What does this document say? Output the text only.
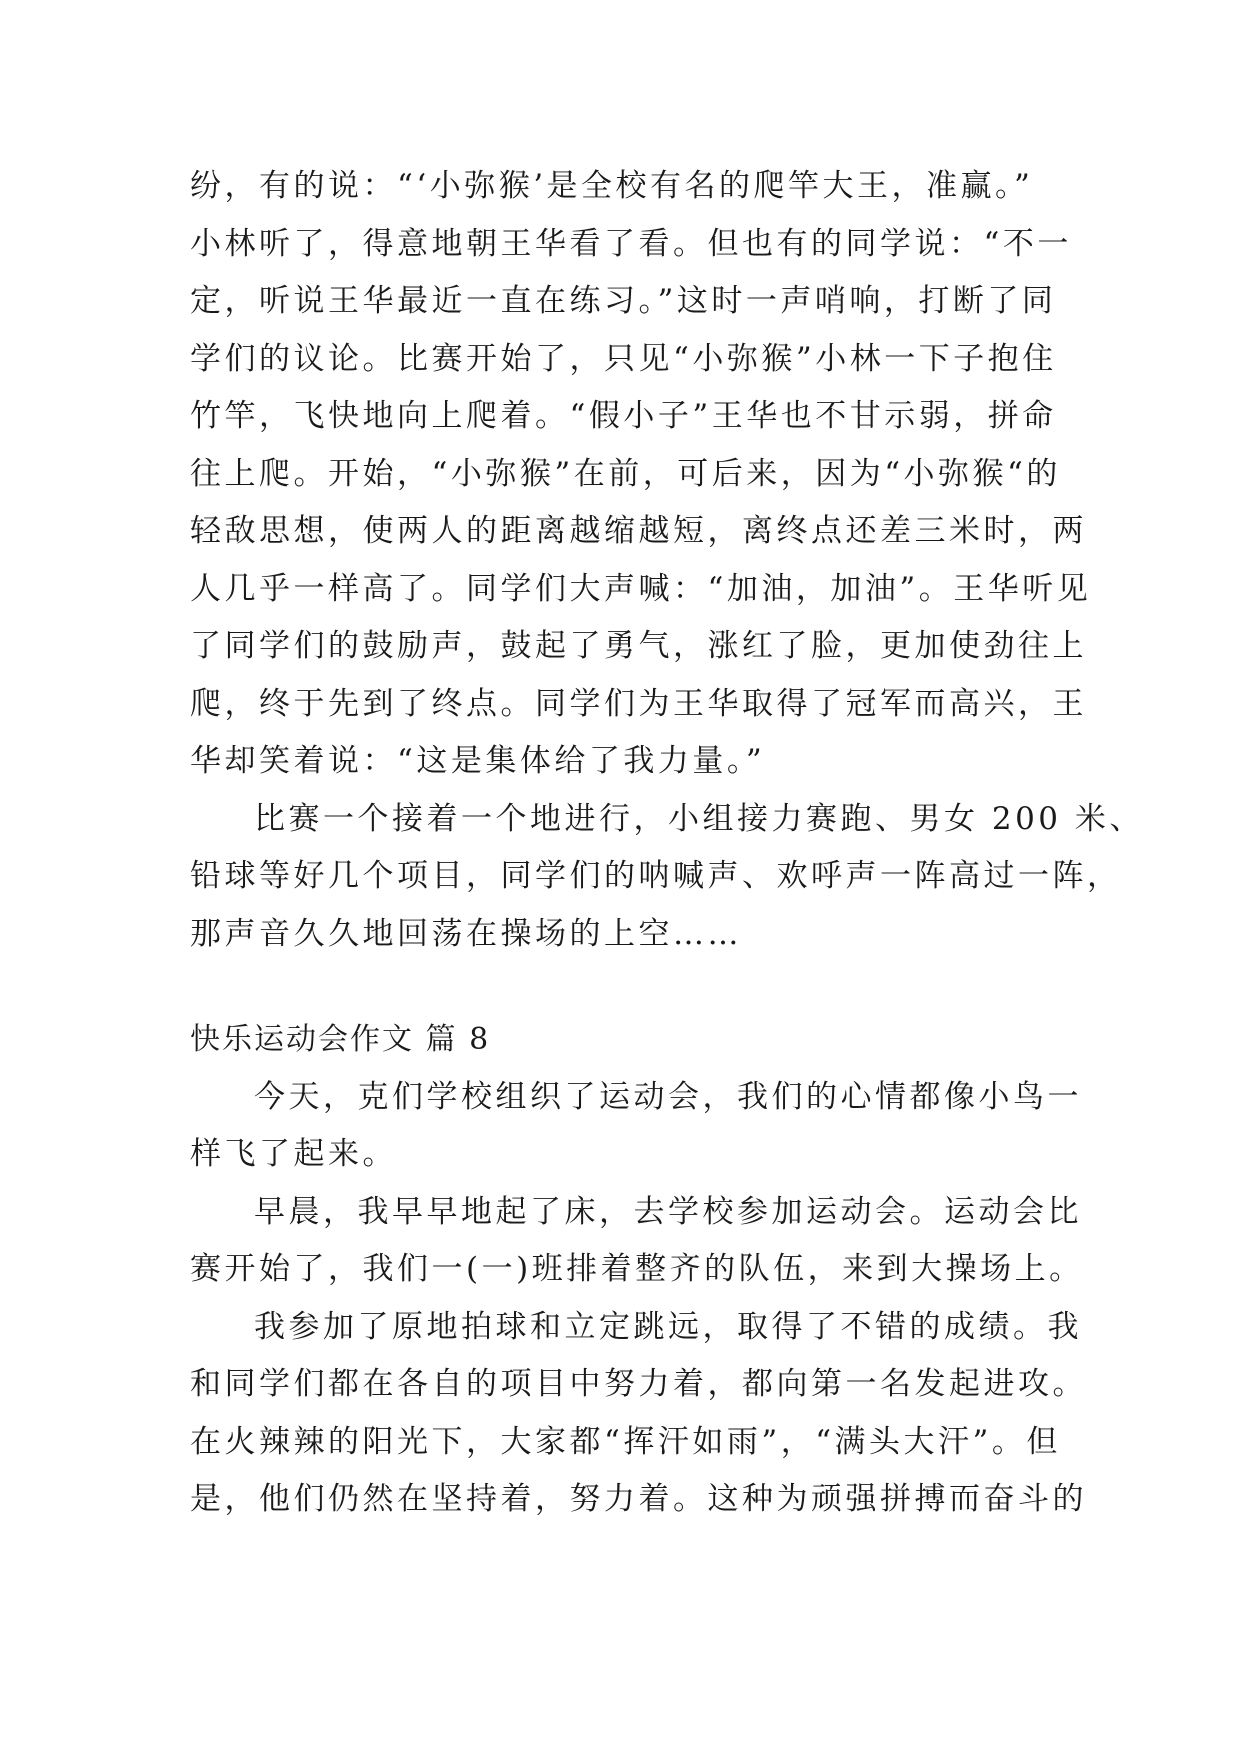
纷，有的说：“‘小弥猴’是全校有名的爬竿大王，准赢。”
小林听了，得意地朝王华看了看。但也有的同学说：“不一
定，听说王华最近一直在练习。”这时一声哨响，打断了同
学们的议论。比赛开始了，只见“小弥猴”小林一下子抱住
竹竿，飞快地向上爬着。“假小子”王华也不甘示弱，拼命
往上爬。开始，“小弥猴”在前，可后来，因为“小弥猴“的
轻敌思想，使两人的距离越缩越短，离终点还差三米时，两
人几乎一样高了。同学们大声喊：“加油，加油”。王华听见
了同学们的鼓励声，鼓起了勇气，涨红了脸，更加使劲往上
爬，终于先到了终点。同学们为王华取得了冠军而高兴，王
华却笑着说：“这是集体给了我力量。”
比赛一个接着一个地进行，小组接力赛跑、男女 200 米、
铅球等好几个项目，同学们的呐喊声、欢呼声一阵高过一阵，
那声音久久地回荡在操场的上空……
快乐运动会作文 篇 8
今天，克们学校组织了运动会，我们的心情都像小鸟一
样飞了起来。
早晨，我早早地起了床，去学校参加运动会。运动会比
赛开始了，我们一(一)班排着整齐的队伍，来到大操场上。
我参加了原地拍球和立定跳远，取得了不错的成绩。我
和同学们都在各自的项目中努力着，都向第一名发起进攻。
在火辣辣的阳光下，大家都“挥汗如雨”，“满头大汗”。但
是，他们仍然在坚持着，努力着。这种为顽强拼搏而奋斗的
